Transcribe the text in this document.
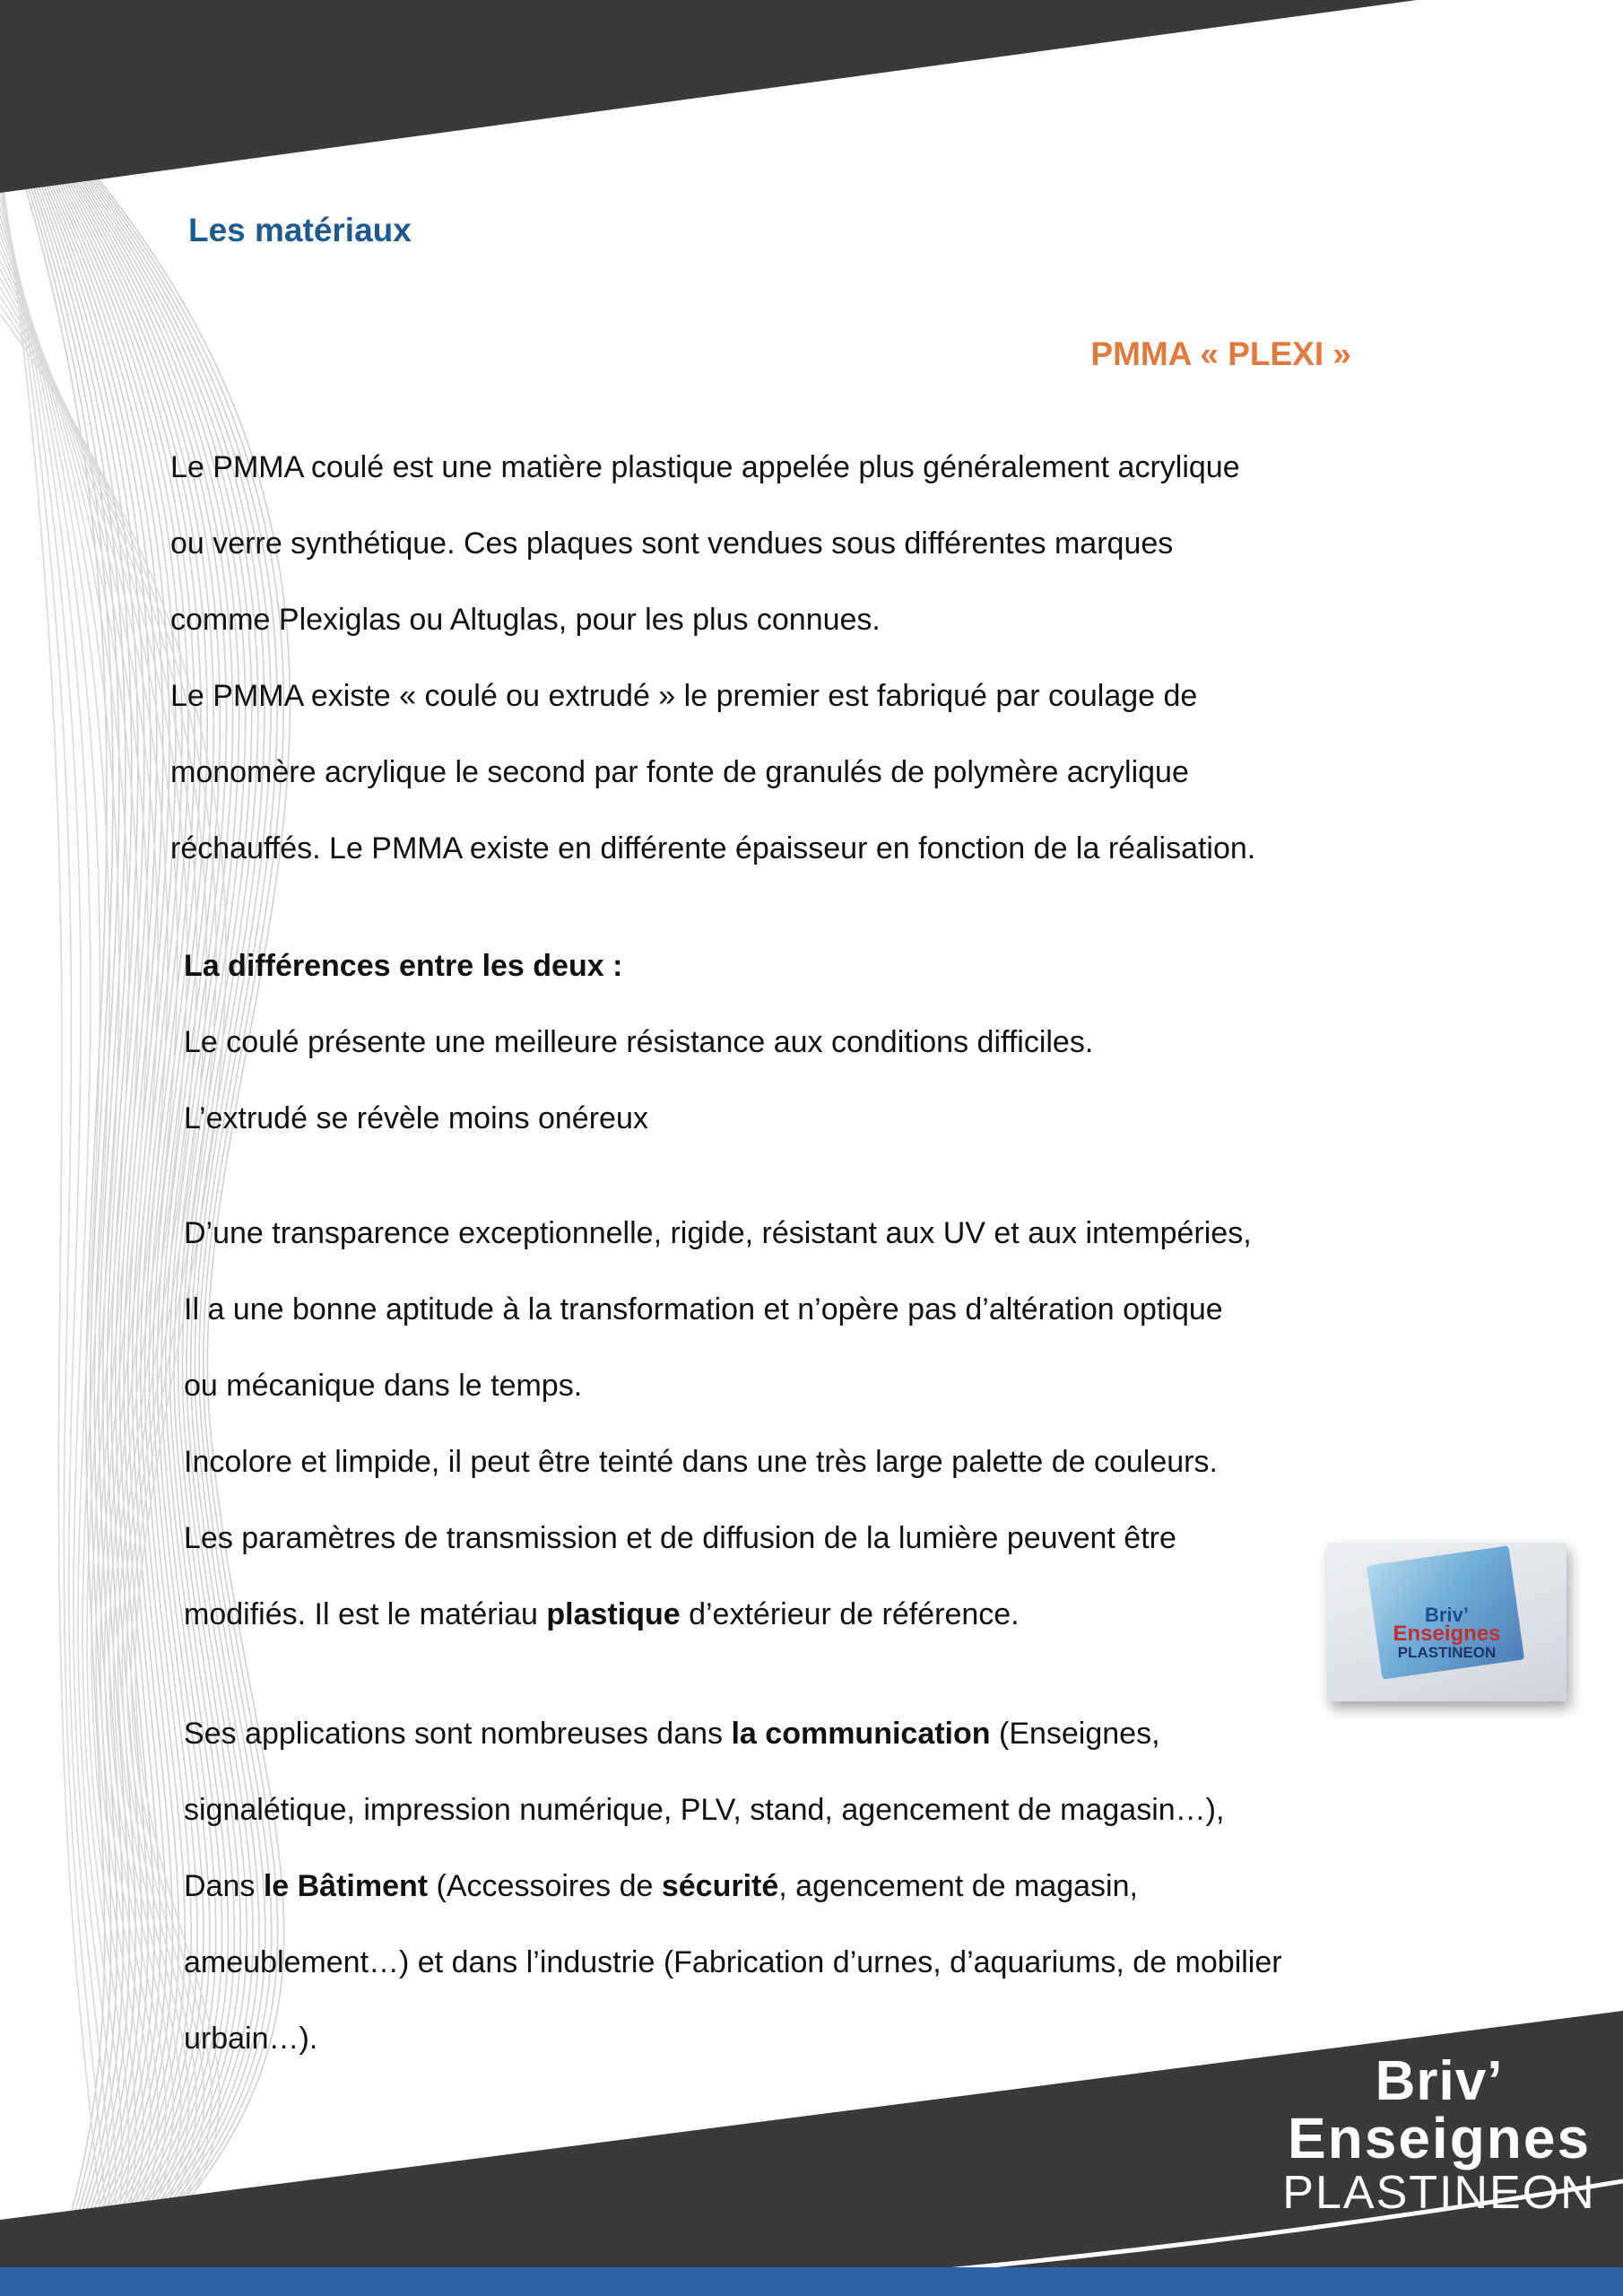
Les matériaux
PMMA « PLEXI »
Le PMMA coulé est une matière plastique appelée plus généralement acrylique
ou verre synthétique. Ces plaques sont vendues sous différentes marques
comme Plexiglas ou Altuglas, pour les plus connues.
Le PMMA existe « coulé ou extrudé » le premier est fabriqué par coulage de
monomère acrylique le second par fonte de granulés de polymère acrylique
réchauffés. Le PMMA existe en différente épaisseur en fonction de la réalisation.
La différences entre les deux :
Le coulé présente une meilleure résistance aux conditions difficiles.
L’extrudé se révèle moins onéreux
D’une transparence exceptionnelle, rigide, résistant aux UV et aux intempéries,
Il a une bonne aptitude à la transformation et n’opère pas d’altération optique
ou mécanique dans le temps.
Incolore et limpide, il peut être teinté dans une très large palette de couleurs.
Les paramètres de transmission et de diffusion de la lumière peuvent être
modifiés. Il est le matériau plastique d’extérieur de référence.
Ses applications sont nombreuses dans la communication (Enseignes,
signalétique, impression numérique, PLV, stand, agencement de magasin…),
Dans le Bâtiment (Accessoires de sécurité, agencement de magasin,
ameublement…) et dans l’industrie (Fabrication d’urnes, d’aquariums, de mobilier
urbain…).
Briv’
Enseignes
PLASTINEON
Briv’
Enseignes
PLASTINEON
